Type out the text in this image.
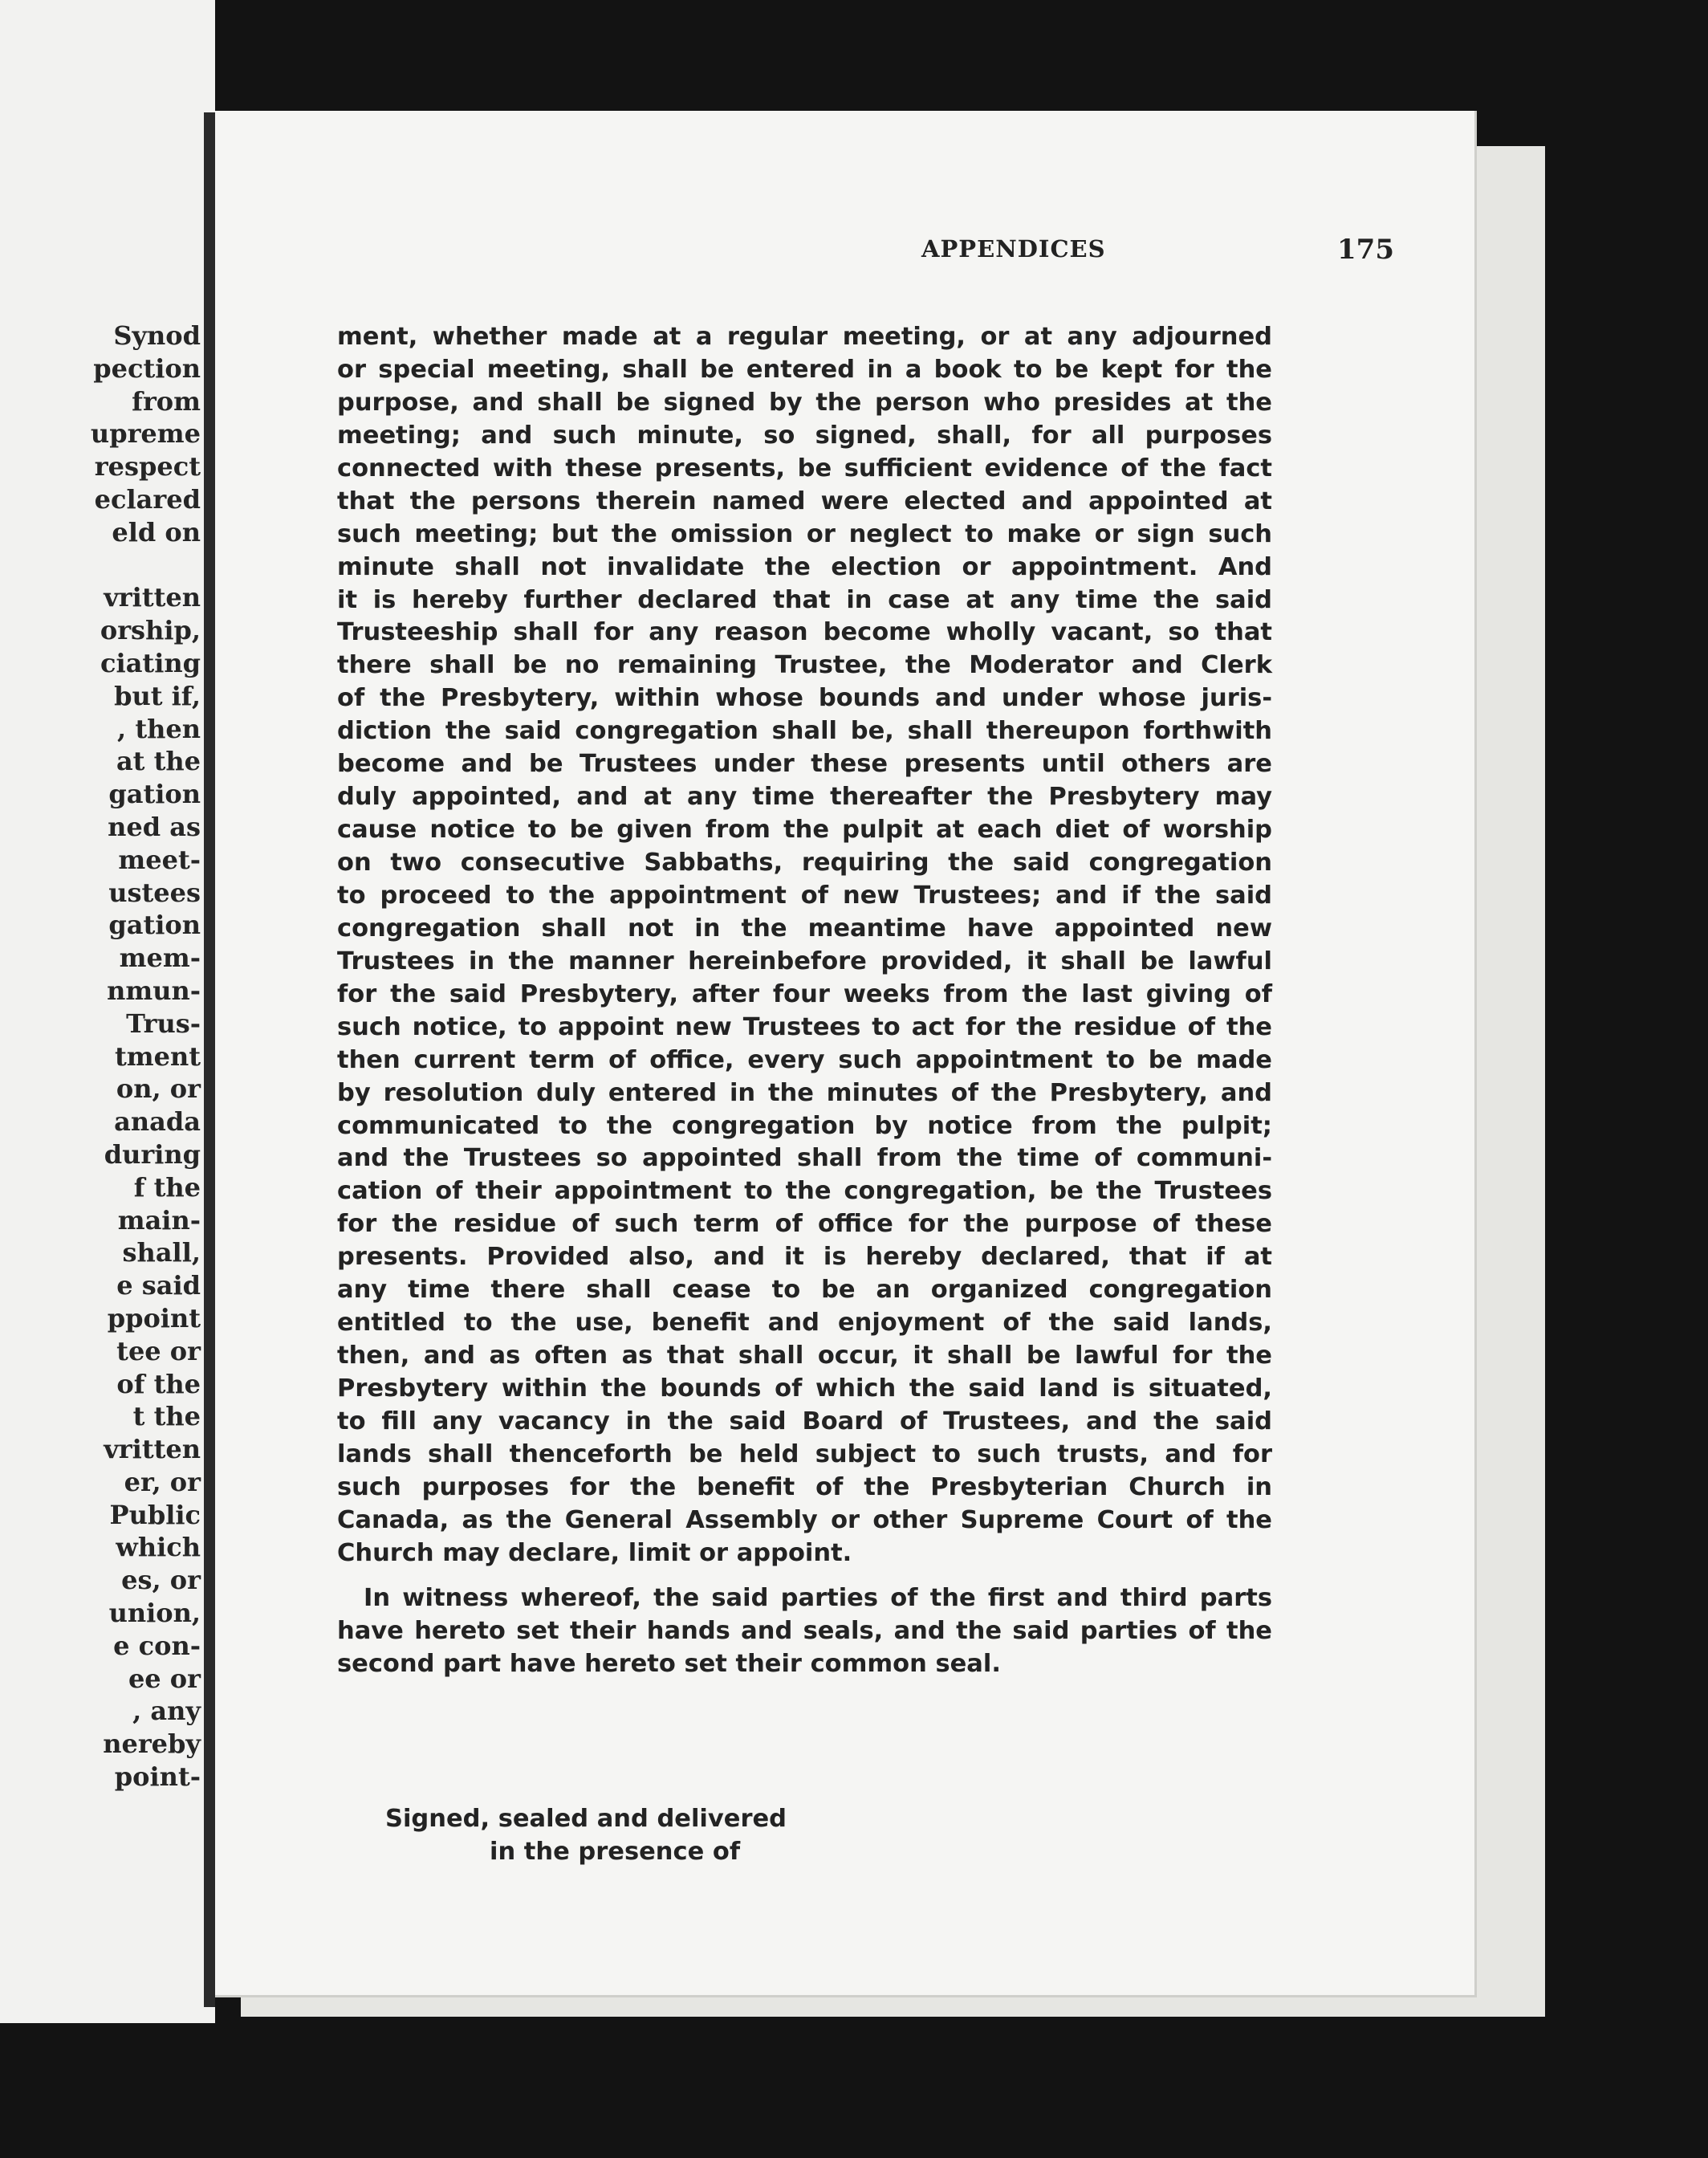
Synod
pection
from
upreme
respect
eclared
eld on
vritten
orship,
ciating
but if,
, then
at the
gation
ned as
meet-
ustees
gation
mem-
nmun-
Trus-
tment
on, or
anada
during
f the
main-
shall,
e said
ppoint
tee or
of the
t the
vritten
er, or
Public
which
es, or
union,
e con-
ee or
, any
nereby
point-
APPENDICES	175
ment, whether made at a regular meeting, or at any adjourned
or special meeting, shall be entered in a book to be kept for the
purpose, and shall be signed by the person who presides at the
meeting; and such minute, so signed, shall, for all purposes
connected with these presents, be sufficient evidence of the fact
that the persons therein named were elected and appointed at
such meeting; but the omission or neglect to make or sign such
minute shall not invalidate the election or appointment. And
it is hereby further declared that in case at any time the said
Trusteeship shall for any reason become wholly vacant, so that
there shall be no remaining Trustee, the Moderator and Clerk
of the Presbytery, within whose bounds and under whose juris-
diction the said congregation shall be, shall thereupon forthwith
become and be Trustees under these presents until others are
duly appointed, and at any time thereafter the Presbytery may
cause notice to be given from the pulpit at each diet of worship
on two consecutive Sabbaths, requiring the said congregation
to proceed to the appointment of new Trustees; and if the said
congregation shall not in the meantime have appointed new
Trustees in the manner hereinbefore provided, it shall be lawful
for the said Presbytery, after four weeks from the last giving of
such notice, to appoint new Trustees to act for the residue of the
then current term of office, every such appointment to be made
by resolution duly entered in the minutes of the Presbytery, and
communicated to the congregation by notice from the pulpit;
and the Trustees so appointed shall from the time of communi-
cation of their appointment to the congregation, be the Trustees
for the residue of such term of office for the purpose of these
presents. Provided also, and it is hereby declared, that if at
any time there shall cease to be an organized congregation
entitled to the use, benefit and enjoyment of the said lands,
then, and as often as that shall occur, it shall be lawful for the
Presbytery within the bounds of which the said land is situated,
to fill any vacancy in the said Board of Trustees, and the said
lands shall thenceforth be held subject to such trusts, and for
such purposes for the benefit of the Presbyterian Church in
Canada, as the General Assembly or other Supreme Court of the
Church may declare, limit or appoint.
In witness whereof, the said parties of the first and third parts
have hereto set their hands and seals, and the said parties of the
second part have hereto set their common seal.
Signed, sealed and delivered
in the presence of
